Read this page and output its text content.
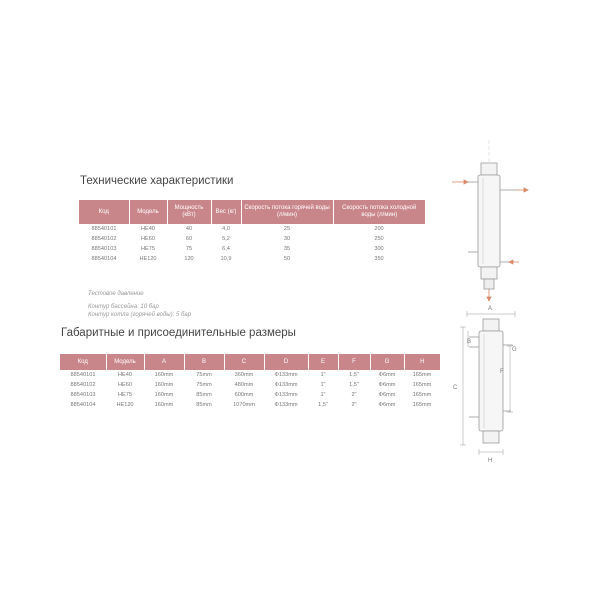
Технические характеристики
Код	Модель	Мощность (кВт)	Вес (кг)	Скорость потока горячей воды (л/мин)	Скорость потока холодной воды (л/мин)
88540101	HE40	40	4,0	25	200
88540102	HE60	60	5,2	30	250
88540103	HE75	75	6,4	35	300
88540104	HE120	120	10,9	50	350

Тестовое давление

Контур бассейна: 10 бар

Контур котла (горячей воды): 5 бар

Габаритные и присоединительные размеры
Код	Модель	A	B	C	D	E	F	G	H
88540101	HE40	160mm	75mm	360mm	Φ133mm	1"	1,5"	Φ6mm	165mm
88540102	HE60	160mm	75mm	480mm	Φ133mm	1"	1,5"	Φ6mm	165mm
88540103	HE75	160mm	85mm	600mm	Φ133mm	1"	2"	Φ6mm	165mm
88540104	HE120	160mm	85mm	1070mm	Φ133mm	1,5"	2"	Φ6mm	165mm
A
B
C
F
G
H
